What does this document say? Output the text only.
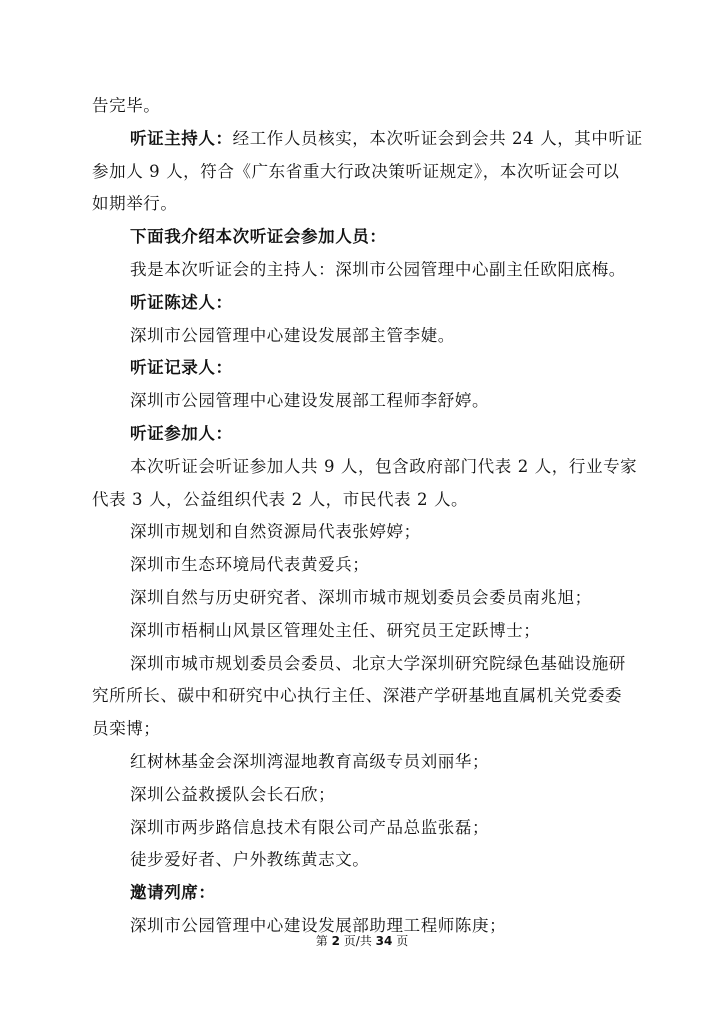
告完毕。
听证主持人：经工作人员核实，本次听证会到会共 24 人，其中听证
参加人 9 人，符合《广东省重大行政决策听证规定》，本次听证会可以
如期举行。
下面我介绍本次听证会参加人员：
我是本次听证会的主持人：深圳市公园管理中心副主任欧阳底梅。
听证陈述人：
深圳市公园管理中心建设发展部主管李婕。
听证记录人：
深圳市公园管理中心建设发展部工程师李舒婷。
听证参加人：
本次听证会听证参加人共 9 人，包含政府部门代表 2 人，行业专家
代表 3 人，公益组织代表 2 人，市民代表 2 人。
深圳市规划和自然资源局代表张婷婷；
深圳市生态环境局代表黄爱兵；
深圳自然与历史研究者、深圳市城市规划委员会委员南兆旭；
深圳市梧桐山风景区管理处主任、研究员王定跃博士；
深圳市城市规划委员会委员、北京大学深圳研究院绿色基础设施研
究所所长、碳中和研究中心执行主任、深港产学研基地直属机关党委委
员栾博；
红树林基金会深圳湾湿地教育高级专员刘丽华；
深圳公益救援队会长石欣；
深圳市两步路信息技术有限公司产品总监张磊；
徒步爱好者、户外教练黄志文。
邀请列席：
深圳市公园管理中心建设发展部助理工程师陈庚；
第 2 页/共 34 页
